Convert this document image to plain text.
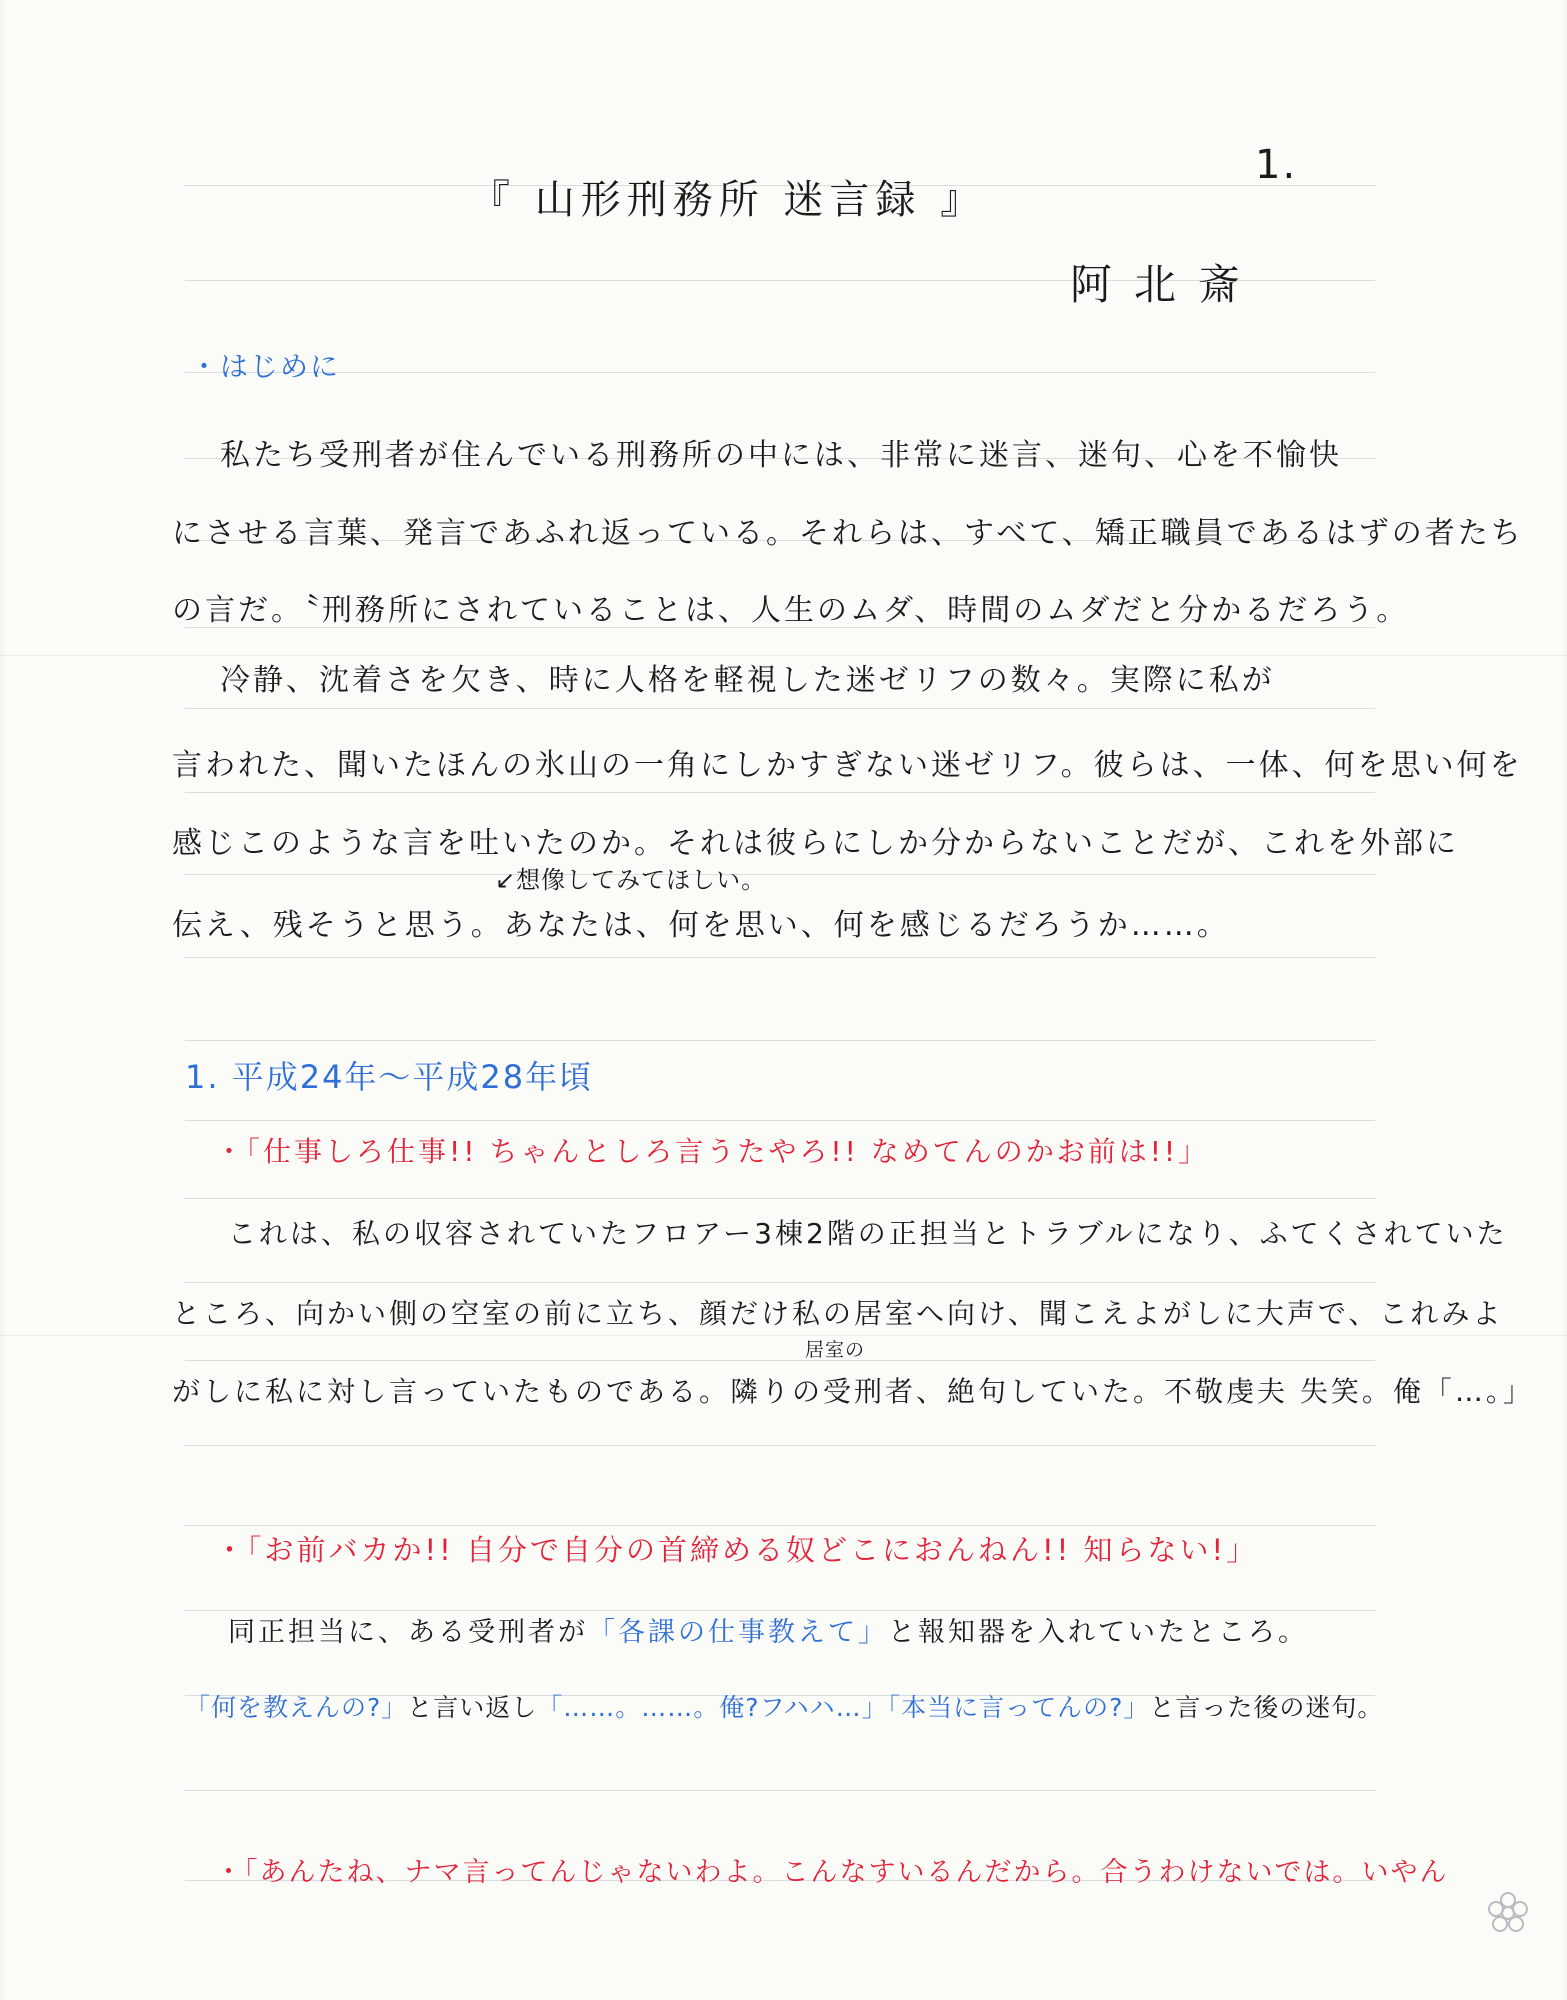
1.
『 山形刑務所 迷言録 』
阿北斎
・はじめに
私たち受刑者が住んでいる刑務所の中には、非常に迷言、迷句、心を不愉快
にさせる言葉、発言であふれ返っている。それらは、すべて、矯正職員であるはずの者たち
の言だ。〝刑務所にされていることは、人生のムダ、時間のムダだと分かるだろう。
冷静、沈着さを欠き、時に人格を軽視した迷ゼリフの数々。実際に私が
言われた、聞いたほんの氷山の一角にしかすぎない迷ゼリフ。彼らは、一体、何を思い何を
感じこのような言を吐いたのか。それは彼らにしか分からないことだが、これを外部に
↙想像してみてほしい。
伝え、残そうと思う。あなたは、何を思い、何を感じるだろうか……。
1. 平成24年〜平成28年頃
・「仕事しろ仕事!! ちゃんとしろ言うたやろ!! なめてんのかお前は!!」
これは、私の収容されていたフロアー3棟2階の正担当とトラブルになり、ふてくされていた
ところ、向かい側の空室の前に立ち、顔だけ私の居室へ向け、聞こえよがしに大声で、これみよ
居室の
がしに私に対し言っていたものである。隣りの受刑者、絶句していた。不敬虔夫 失笑。俺「…。」
・「お前バカか!! 自分で自分の首締める奴どこにおんねん!! 知らない!」
同正担当に、ある受刑者が「各課の仕事教えて」と報知器を入れていたところ。
「何を教えんの?」と言い返し「……。……。俺?フハハ…」「本当に言ってんの?」と言った後の迷句。
・「あんたね、ナマ言ってんじゃないわよ。こんなすいるんだから。合うわけないでは。いやん
